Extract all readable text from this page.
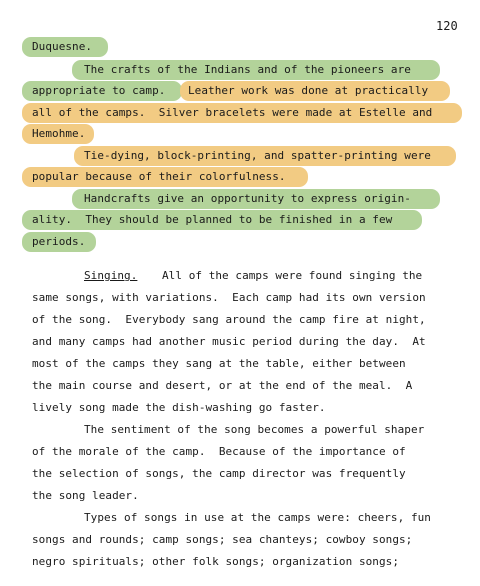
120
Duquesne.
The crafts of the Indians and of the pioneers are
appropriate to camp. Leather work was done at practically
all of the camps.  Silver bracelets were made at Estelle and
Hemohme.
Tie-dying, block-printing, and spatter-printing were
popular because of their colorfulness.
Handcrafts give an opportunity to express origin-
ality.  They should be planned to be finished in a few
periods.
Singing. All of the camps were found singing the
same songs, with variations.  Each camp had its own version
of the song.  Everybody sang around the camp fire at night,
and many camps had another music period during the day.  At
most of the camps they sang at the table, either between
the main course and desert, or at the end of the meal.  A
lively song made the dish-washing go faster.
The sentiment of the song becomes a powerful shaper
of the morale of the camp.  Because of the importance of
the selection of songs, the camp director was frequently
the song leader.
Types of songs in use at the camps were: cheers, fun
songs and rounds; camp songs; sea chanteys; cowboy songs;
negro spirituals; other folk songs; organization songs;
